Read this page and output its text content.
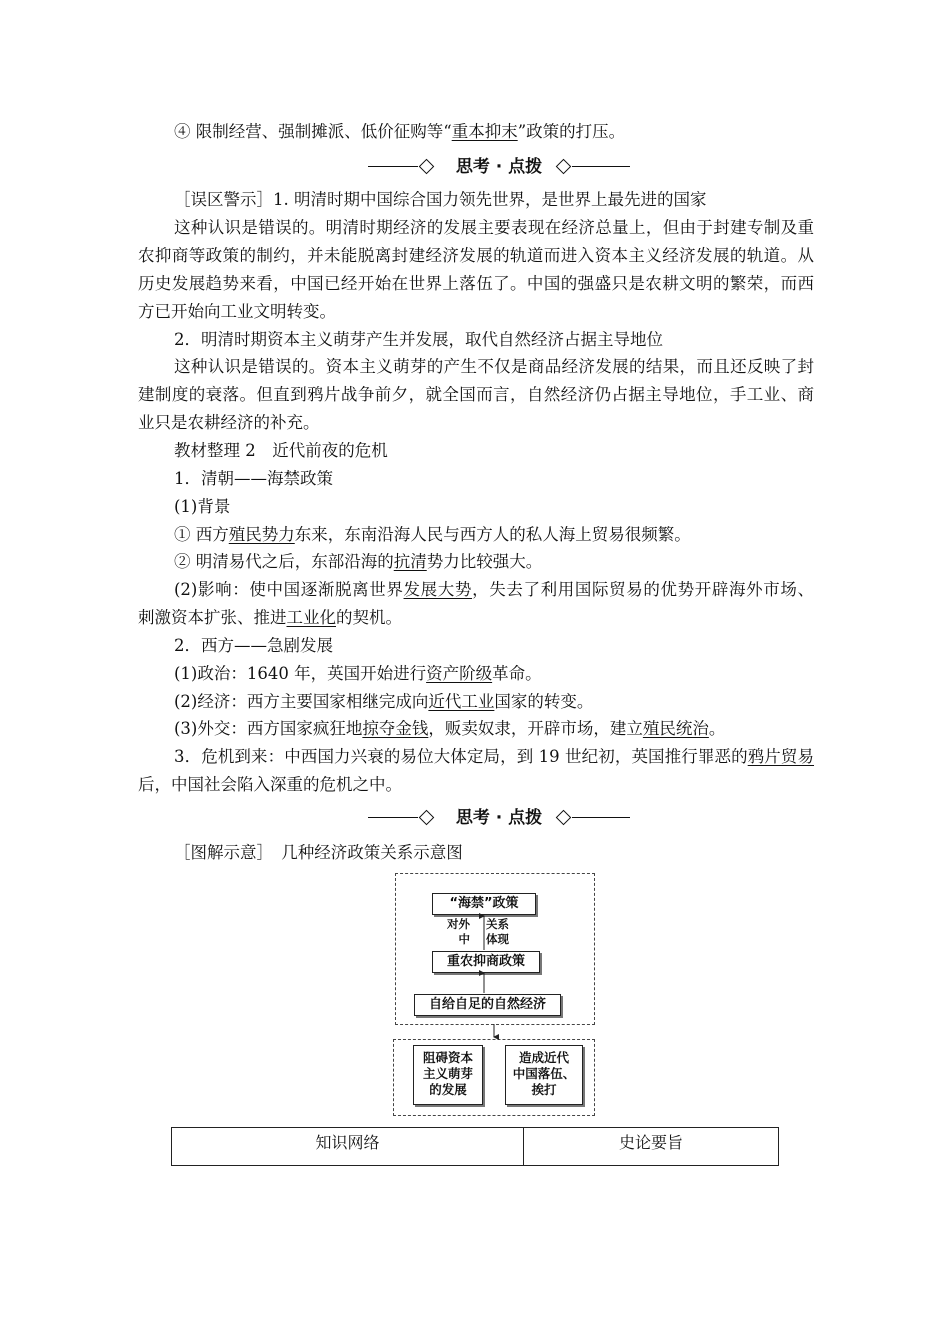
④ 限制经营、强制摊派、低价征购等“重本抑末”政策的打压。
思考 · 点拨
［误区警示］1. 明清时期中国综合国力领先世界，是世界上最先进的国家
这种认识是错误的。明清时期经济的发展主要表现在经济总量上，但由于封建专制及重
农抑商等政策的制约，并未能脱离封建经济发展的轨道而进入资本主义经济发展的轨道。从
历史发展趋势来看，中国已经开始在世界上落伍了。中国的强盛只是农耕文明的繁荣，而西
方已开始向工业文明转变。
2．明清时期资本主义萌芽产生并发展，取代自然经济占据主导地位
这种认识是错误的。资本主义萌芽的产生不仅是商品经济发展的结果，而且还反映了封
建制度的衰落。但直到鸦片战争前夕，就全国而言，自然经济仍占据主导地位，手工业、商
业只是农耕经济的补充。
教材整理 2　近代前夜的危机
1．清朝——海禁政策
(1)背景
① 西方殖民势力东来，东南沿海人民与西方人的私人海上贸易很频繁。
② 明清易代之后，东部沿海的抗清势力比较强大。
(2)影响：使中国逐渐脱离世界发展大势，失去了利用国际贸易的优势开辟海外市场、
刺激资本扩张、推进工业化的契机。
2．西方——急剧发展
(1)政治：1640 年，英国开始进行资产阶级革命。
(2)经济：西方主要国家相继完成向近代工业国家的转变。
(3)外交：西方国家疯狂地掠夺金钱，贩卖奴隶，开辟市场，建立殖民统治。
3．危机到来：中西国力兴衰的易位大体定局，到 19 世纪初，英国推行罪恶的鸦片贸易
后，中国社会陷入深重的危机之中。
思考 · 点拨
［图解示意］　几种经济政策关系示意图
“海禁”政策
对外
中
关系
体现
重农抑商政策
自给自足的自然经济
阻碍资本
主义萌芽
的发展
造成近代
中国落伍、
挨打
知识网络	史论要旨
